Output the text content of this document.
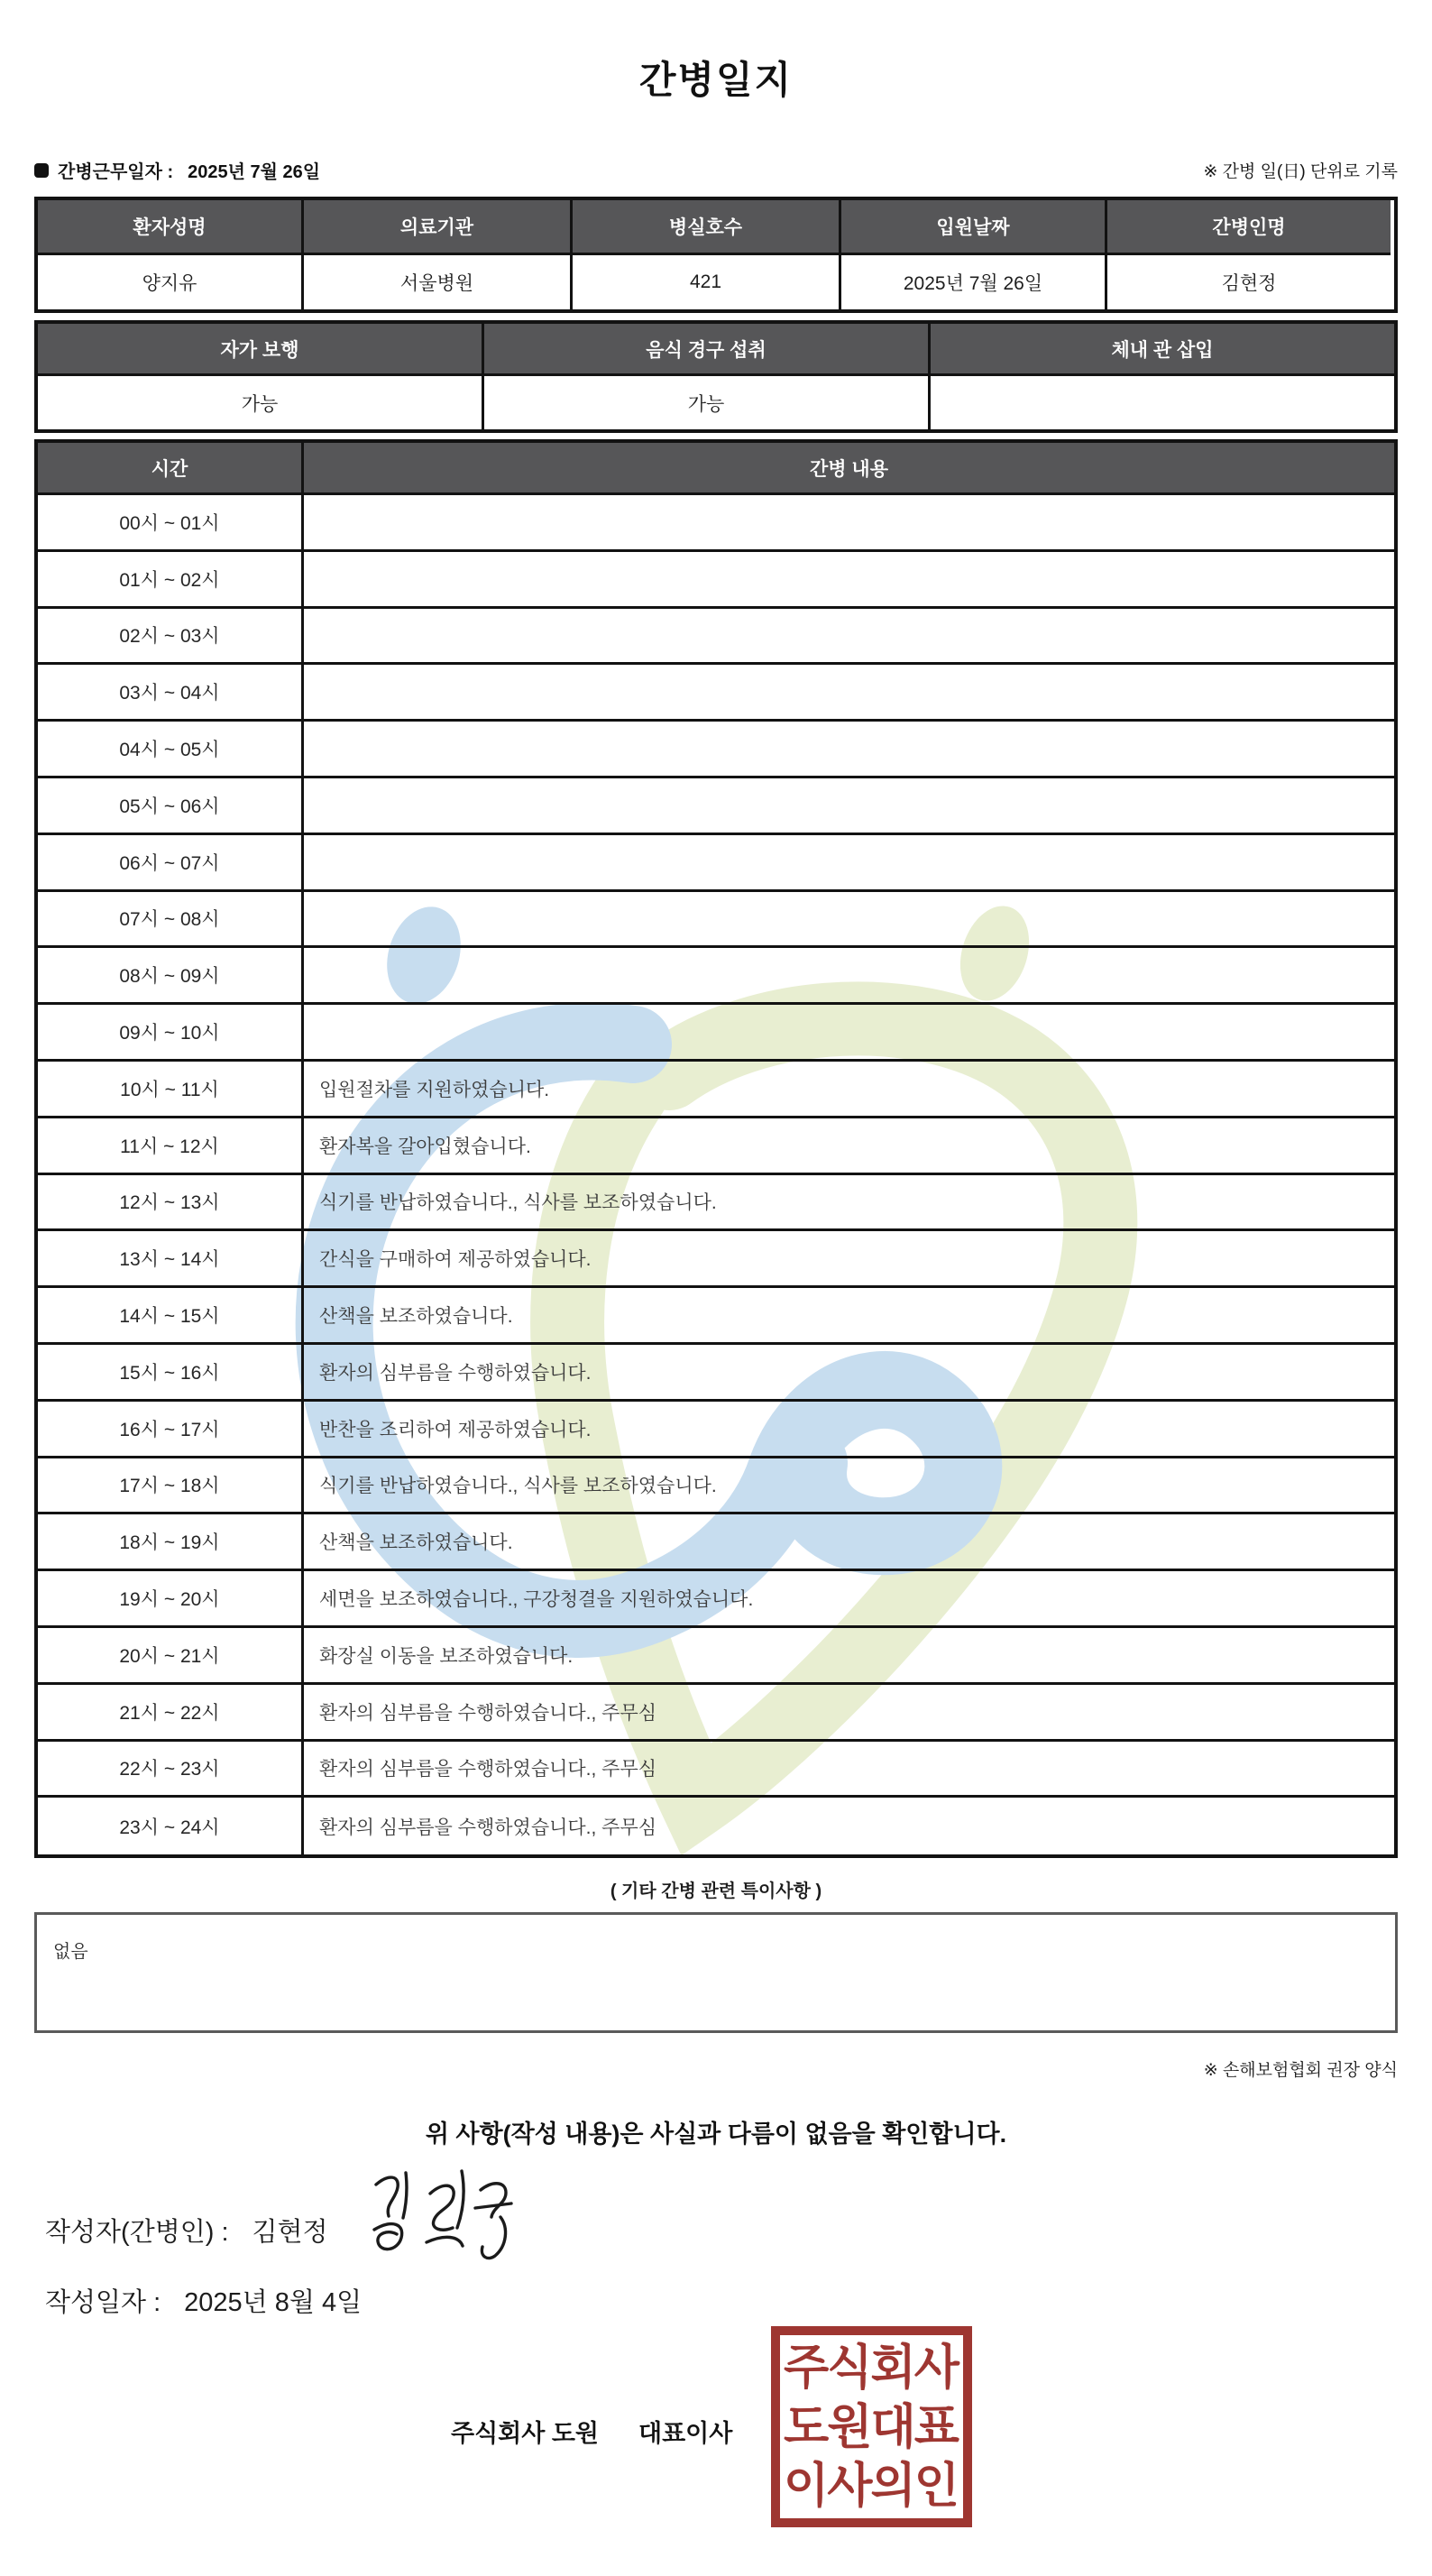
간병일지
간병근무일자 : 2025년 7월 26일	※ 간병 일(日) 단위로 기록
환자성명	의료기관	병실호수	입원날짜	간병인명
양지유	서울병원	421	2025년 7월 26일	김현정
자가 보행	음식 경구 섭취	체내 관 삽입
가능	가능
시간	간병 내용
00시 ~ 01시
01시 ~ 02시
02시 ~ 03시
03시 ~ 04시
04시 ~ 05시
05시 ~ 06시
06시 ~ 07시
07시 ~ 08시
08시 ~ 09시
09시 ~ 10시
10시 ~ 11시	입원절차를 지원하였습니다.
11시 ~ 12시	환자복을 갈아입혔습니다.
12시 ~ 13시	식기를 반납하였습니다., 식사를 보조하였습니다.
13시 ~ 14시	간식을 구매하여 제공하였습니다.
14시 ~ 15시	산책을 보조하였습니다.
15시 ~ 16시	환자의 심부름을 수행하였습니다.
16시 ~ 17시	반찬을 조리하여 제공하였습니다.
17시 ~ 18시	식기를 반납하였습니다., 식사를 보조하였습니다.
18시 ~ 19시	산책을 보조하였습니다.
19시 ~ 20시	세면을 보조하였습니다., 구강청결을 지원하였습니다.
20시 ~ 21시	화장실 이동을 보조하였습니다.
21시 ~ 22시	환자의 심부름을 수행하였습니다., 주무심
22시 ~ 23시	환자의 심부름을 수행하였습니다., 주무심
23시 ~ 24시	환자의 심부름을 수행하였습니다., 주무심
( 기타 간병 관련 특이사항 )
없음
※ 손해보험협회 권장 양식
위 사항(작성 내용)은 사실과 다름이 없음을 확인합니다.
작성자(간병인) : 김현정
작성일자 : 2025년 8월 4일
주식회사 도원 대표이사
주식회사
도원대표
이사의인
